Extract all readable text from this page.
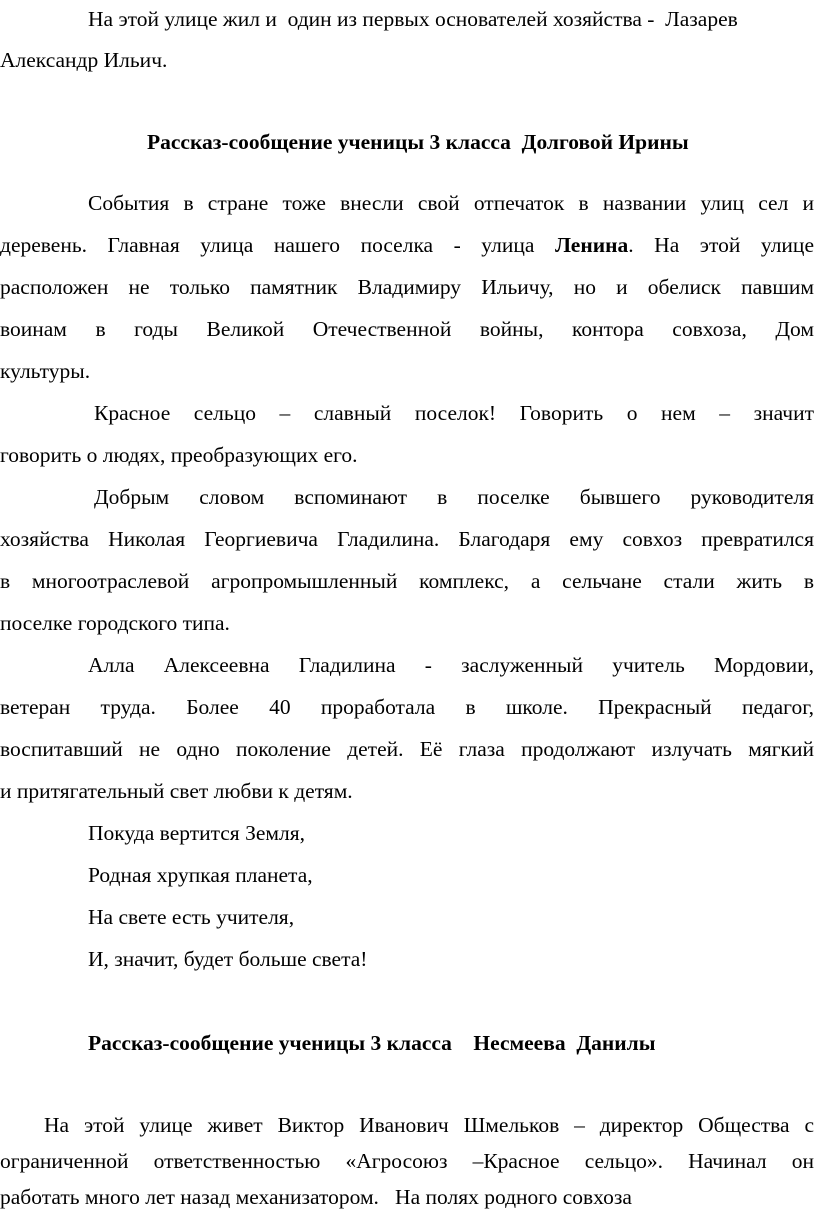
На этой улице жил и  один из первых основателей хозяйства -  Лазарев
Александр Ильич.
Рассказ-сообщение ученицы 3 класса  Долговой Ирины
События в стране тоже внесли свой отпечаток в названии улиц сел и
деревень. Главная улица нашего поселка - улица Ленина. На этой улице
расположен не только памятник Владимиру Ильичу, но и обелиск павшим
воинам в годы Великой Отечественной войны, контора совхоза, Дом
культуры.
Красное сельцо – славный поселок! Говорить о нем – значит
говорить о людях, преобразующих его.
Добрым словом вспоминают в поселке бывшего руководителя
хозяйства Николая Георгиевича Гладилина. Благодаря ему совхоз превратился
в многоотраслевой агропромышленный комплекс, а сельчане стали жить в
поселке городского типа.
Алла Алексеевна Гладилина - заслуженный учитель Мордовии,
ветеран труда. Более 40 проработала в школе. Прекрасный педагог,
воспитавший не одно поколение детей. Её глаза продолжают излучать мягкий
и притягательный свет любви к детям.
Покуда вертится Земля,
Родная хрупкая планета,
На свете есть учителя,
И, значит, будет больше света!
Рассказ-сообщение ученицы 3 класса    Несмеева  Данилы
На этой улице живет Виктор Иванович Шмельков – директор Общества с
ограниченной ответственностью «Агросоюз –Красное сельцо». Начинал он
работать много лет назад механизатором.   На полях родного совхоза
